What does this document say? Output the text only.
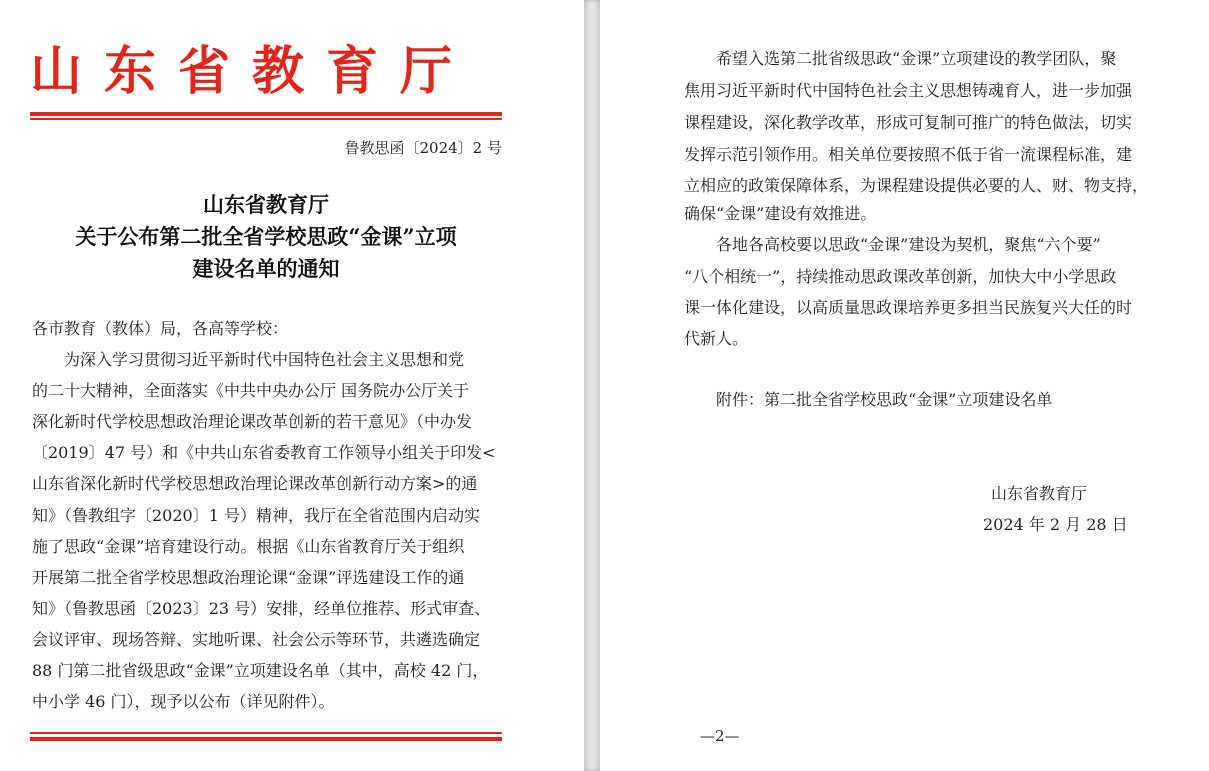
山东省教育厅
鲁教思函〔2024〕2 号
山东省教育厅
关于公布第二批全省学校思政“金课”立项
建设名单的通知
各市教育（教体）局，各高等学校：
　　为深入学习贯彻习近平新时代中国特色社会主义思想和党
的二十大精神，全面落实《中共中央办公厅 国务院办公厅关于
深化新时代学校思想政治理论课改革创新的若干意见》（中办发
〔2019〕47 号）和《中共山东省委教育工作领导小组关于印发<
山东省深化新时代学校思想政治理论课改革创新行动方案>的通
知》（鲁教组字〔2020〕1 号）精神，我厅在全省范围内启动实
施了思政“金课”培育建设行动。根据《山东省教育厅关于组织
开展第二批全省学校思想政治理论课“金课”评选建设工作的通
知》（鲁教思函〔2023〕23 号）安排，经单位推荐、形式审查、
会议评审、现场答辩、实地听课、社会公示等环节，共遴选确定
88 门第二批省级思政“金课”立项建设名单（其中，高校 42 门，
中小学 46 门），现予以公布（详见附件）。
　　希望入选第二批省级思政“金课”立项建设的教学团队，聚
焦用习近平新时代中国特色社会主义思想铸魂育人，进一步加强
课程建设，深化教学改革，形成可复制可推广的特色做法，切实
发挥示范引领作用。相关单位要按照不低于省一流课程标准，建
立相应的政策保障体系，为课程建设提供必要的人、财、物支持，
确保“金课”建设有效推进。
　　各地各高校要以思政“金课”建设为契机，聚焦“六个要”
“八个相统一”，持续推动思政课改革创新，加快大中小学思政
课一体化建设，以高质量思政课培养更多担当民族复兴大任的时
代新人。
　　附件：第二批全省学校思政“金课”立项建设名单
山东省教育厅
2024 年 2 月 28 日
—2—
